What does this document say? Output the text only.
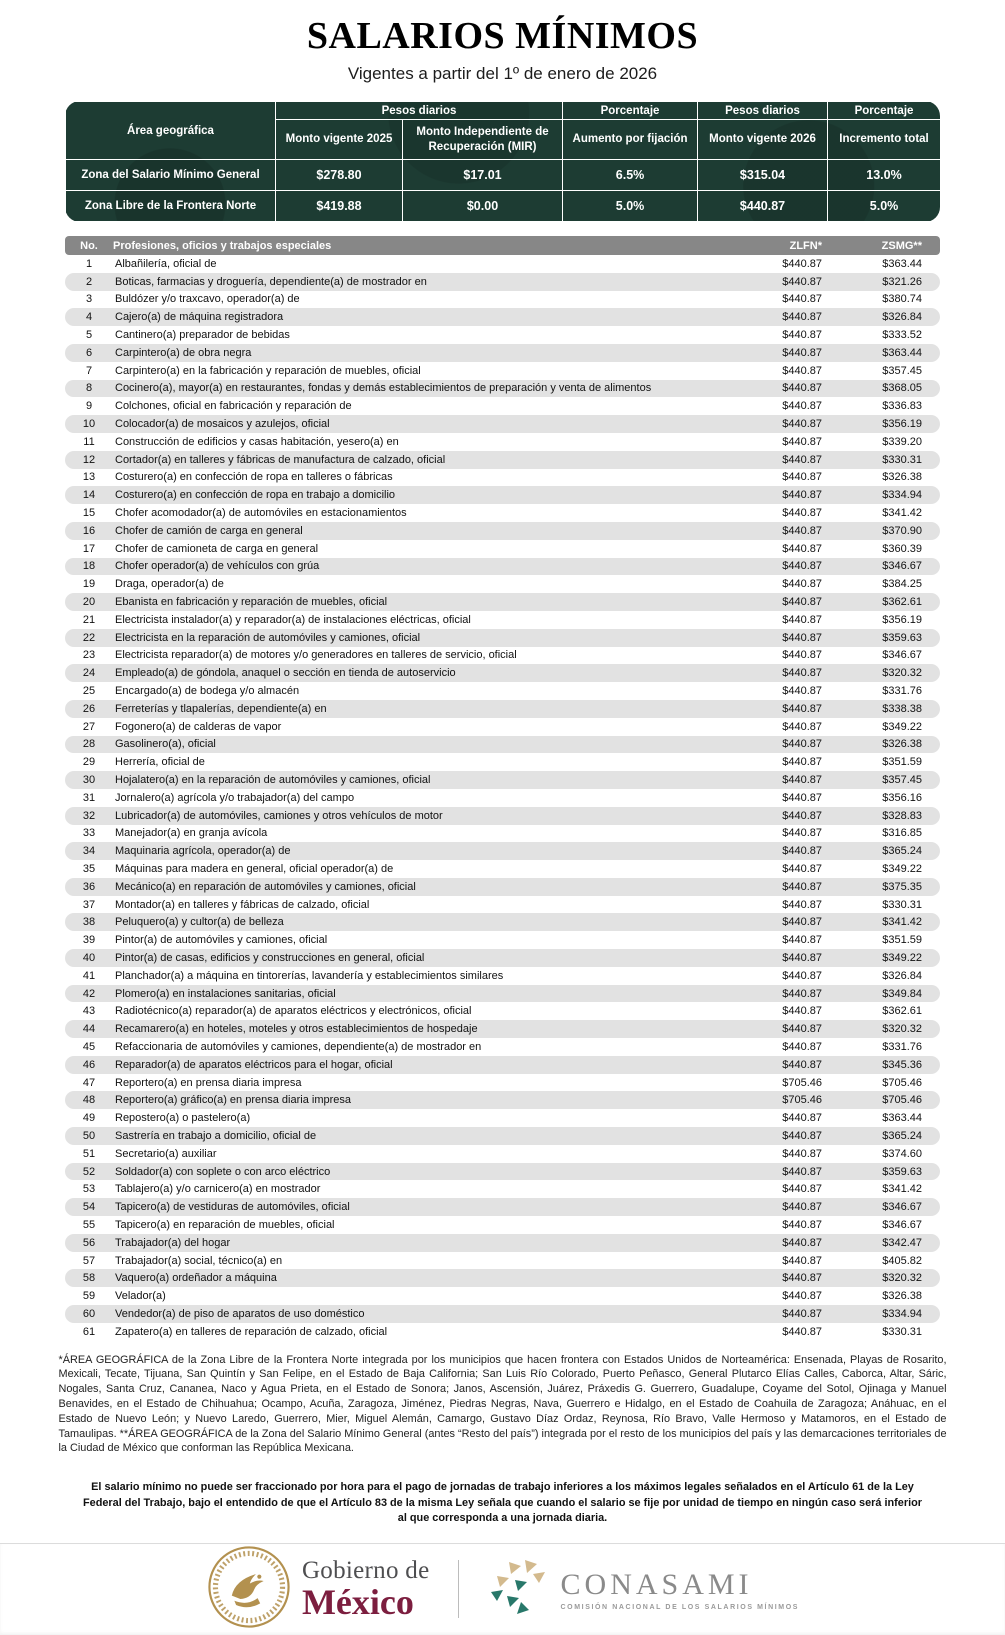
SALARIOS MÍNIMOS
Vigentes a partir del 1º de enero de 2026
Área geográfica	Pesos diarios		Porcentaje	Pesos diarios	Porcentaje
	Monto vigente 2025	Monto Independiente de Recuperación (MIR)	Aumento por fijación	Monto vigente 2026	Incremento total
Zona del Salario Mínimo General	$278.80	$17.01	6.5%	$315.04	13.0%
Zona Libre de la Frontera Norte	$419.88	$0.00	5.0%	$440.87	5.0%
No.	Profesiones, oficios y trabajos especiales	ZLFN*	ZSMG**
1	Albañilería, oficial de	$440.87	$363.44
2	Boticas, farmacias y droguería, dependiente(a) de mostrador en	$440.87	$321.26
3	Buldózer y/o traxcavo, operador(a) de	$440.87	$380.74
4	Cajero(a) de máquina registradora	$440.87	$326.84
5	Cantinero(a) preparador de bebidas	$440.87	$333.52
6	Carpintero(a) de obra negra	$440.87	$363.44
7	Carpintero(a) en la fabricación y reparación de muebles, oficial	$440.87	$357.45
8	Cocinero(a), mayor(a) en restaurantes, fondas y demás establecimientos de preparación y venta de alimentos	$440.87	$368.05
9	Colchones, oficial en fabricación y reparación de	$440.87	$336.83
10	Colocador(a) de mosaicos y azulejos, oficial	$440.87	$356.19
11	Construcción de edificios y casas habitación, yesero(a) en	$440.87	$339.20
12	Cortador(a) en talleres y fábricas de manufactura de calzado, oficial	$440.87	$330.31
13	Costurero(a) en confección de ropa en talleres o fábricas	$440.87	$326.38
14	Costurero(a) en confección de ropa en trabajo a domicilio	$440.87	$334.94
15	Chofer acomodador(a) de automóviles en estacionamientos	$440.87	$341.42
16	Chofer de camión de carga en general	$440.87	$370.90
17	Chofer de camioneta de carga en general	$440.87	$360.39
18	Chofer operador(a) de vehículos con grúa	$440.87	$346.67
19	Draga, operador(a) de	$440.87	$384.25
20	Ebanista en fabricación y reparación de muebles, oficial	$440.87	$362.61
21	Electricista instalador(a) y reparador(a) de instalaciones eléctricas, oficial	$440.87	$356.19
22	Electricista en la reparación de automóviles y camiones, oficial	$440.87	$359.63
23	Electricista reparador(a) de motores y/o generadores en talleres de servicio, oficial	$440.87	$346.67
24	Empleado(a) de góndola, anaquel o sección en tienda de autoservicio	$440.87	$320.32
25	Encargado(a) de bodega y/o almacén	$440.87	$331.76
26	Ferreterías y tlapalerías, dependiente(a) en	$440.87	$338.38
27	Fogonero(a) de calderas de vapor	$440.87	$349.22
28	Gasolinero(a), oficial	$440.87	$326.38
29	Herrería, oficial de	$440.87	$351.59
30	Hojalatero(a) en la reparación de automóviles y camiones, oficial	$440.87	$357.45
31	Jornalero(a) agrícola y/o trabajador(a) del campo	$440.87	$356.16
32	Lubricador(a) de automóviles, camiones y otros vehículos de motor	$440.87	$328.83
33	Manejador(a) en granja avícola	$440.87	$316.85
34	Maquinaria agrícola, operador(a) de	$440.87	$365.24
35	Máquinas para madera en general, oficial operador(a) de	$440.87	$349.22
36	Mecánico(a) en reparación de automóviles y camiones, oficial	$440.87	$375.35
37	Montador(a) en talleres y fábricas de calzado, oficial	$440.87	$330.31
38	Peluquero(a) y cultor(a) de belleza	$440.87	$341.42
39	Pintor(a) de automóviles y camiones, oficial	$440.87	$351.59
40	Pintor(a) de casas, edificios y construcciones en general, oficial	$440.87	$349.22
41	Planchador(a) a máquina en tintorerías, lavandería y establecimientos similares	$440.87	$326.84
42	Plomero(a) en instalaciones sanitarias, oficial	$440.87	$349.84
43	Radiotécnico(a) reparador(a) de aparatos eléctricos y electrónicos, oficial	$440.87	$362.61
44	Recamarero(a) en hoteles, moteles y otros establecimientos de hospedaje	$440.87	$320.32
45	Refaccionaria de automóviles y camiones, dependiente(a) de mostrador en	$440.87	$331.76
46	Reparador(a) de aparatos eléctricos para el hogar, oficial	$440.87	$345.36
47	Reportero(a) en prensa diaria impresa	$705.46	$705.46
48	Reportero(a) gráfico(a) en prensa diaria impresa	$705.46	$705.46
49	Repostero(a) o pastelero(a)	$440.87	$363.44
50	Sastrería en trabajo a domicilio, oficial de	$440.87	$365.24
51	Secretario(a) auxiliar	$440.87	$374.60
52	Soldador(a) con soplete o con arco eléctrico	$440.87	$359.63
53	Tablajero(a) y/o carnicero(a) en mostrador	$440.87	$341.42
54	Tapicero(a) de vestiduras de automóviles, oficial	$440.87	$346.67
55	Tapicero(a) en reparación de muebles, oficial	$440.87	$346.67
56	Trabajador(a) del hogar	$440.87	$342.47
57	Trabajador(a) social, técnico(a) en	$440.87	$405.82
58	Vaquero(a) ordeñador a máquina	$440.87	$320.32
59	Velador(a)	$440.87	$326.38
60	Vendedor(a) de piso de aparatos de uso doméstico	$440.87	$334.94
61	Zapatero(a) en talleres de reparación de calzado, oficial	$440.87	$330.31
*ÁREA GEOGRÁFICA de la Zona Libre de la Frontera Norte integrada por los municipios que hacen frontera con Estados Unidos de Norteamérica: Ensenada, Playas de Rosarito, Mexicali, Tecate, Tijuana, San Quintín y San Felipe, en el Estado de Baja California; San Luis Río Colorado, Puerto Peñasco, General Plutarco Elías Calles, Caborca, Altar, Sáric, Nogales, Santa Cruz, Cananea, Naco y Agua Prieta, en el Estado de Sonora; Janos, Ascensión, Juárez, Práxedis G. Guerrero, Guadalupe, Coyame del Sotol, Ojinaga y Manuel Benavides, en el Estado de Chihuahua; Ocampo, Acuña, Zaragoza, Jiménez, Piedras Negras, Nava, Guerrero e Hidalgo, en el Estado de Coahuila de Zaragoza; Anáhuac, en el Estado de Nuevo León; y Nuevo Laredo, Guerrero, Mier, Miguel Alemán, Camargo, Gustavo Díaz Ordaz, Reynosa, Río Bravo, Valle Hermoso y Matamoros, en el Estado de Tamaulipas. **ÁREA GEOGRÁFICA de la Zona del Salario Mínimo General (antes “Resto del país”) integrada por el resto de los municipios del país y las demarcaciones territoriales de la Ciudad de México que conforman las República Mexicana.
El salario mínimo no puede ser fraccionado por hora para el pago de jornadas de trabajo inferiores a los máximos legales señalados en el Artículo 61 de la Ley Federal del Trabajo, bajo el entendido de que el Artículo 83 de la misma Ley señala que cuando el salario se fije por unidad de tiempo en ningún caso será inferior al que corresponda a una jornada diaria.
Gobierno de
México	CONASAMI
COMISIÓN NACIONAL DE LOS SALARIOS MÍNIMOS
